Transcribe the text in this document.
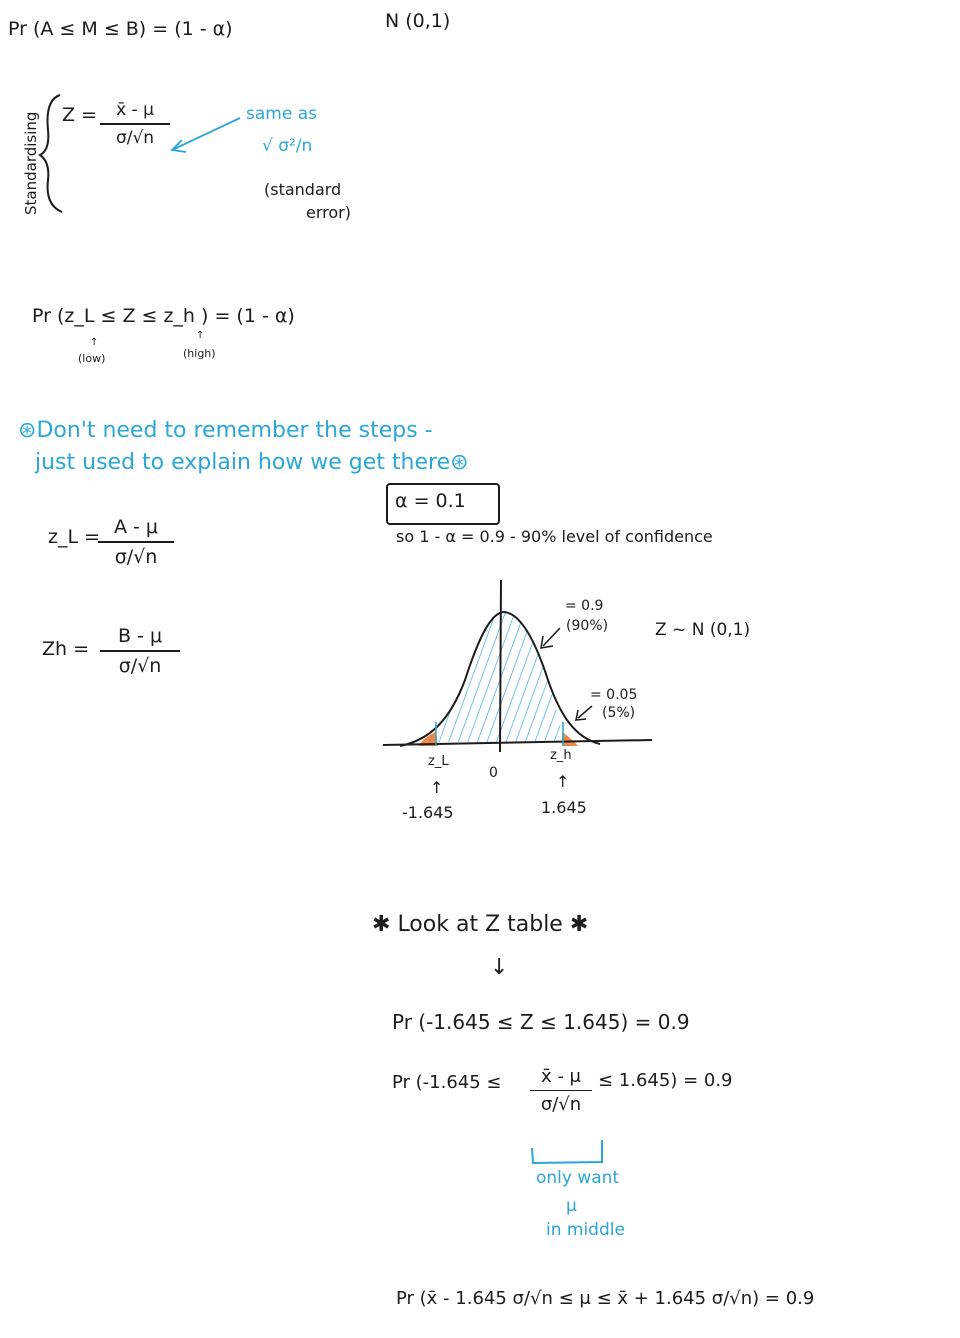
Pr (A ≤ M ≤ B) = (1 - α)	N (0,1)
Standardising Z =	x̄ - μ
σ/√n
same as
√ σ²/n
(standard
error)
Pr (z_L ≤ Z ≤ z_h ) = (1 - α)
↑
(low)
↑
(high)
⊛Don't need to remember the steps -
just used to explain how we get there⊛
z_L = A - μ
σ/√n
Zh =
B - μ
σ/√n
α = 0.1
so 1 - α = 0.9 - 90% level of confidence
= 0.9
(90%)	Z ~ N (0,1)
= 0.05
(5%)
z_L
0
z_h
↑	↑
-1.645	1.645
✱ Look at Z table ✱
↓
Pr (-1.645 ≤ Z ≤ 1.645) = 0.9
Pr (-1.645 ≤	x̄ - μ
σ/√n
≤ 1.645) = 0.9
only want
μ
in middle
Pr (x̄ - 1.645 σ/√n ≤ μ ≤ x̄ + 1.645 σ/√n) = 0.9
